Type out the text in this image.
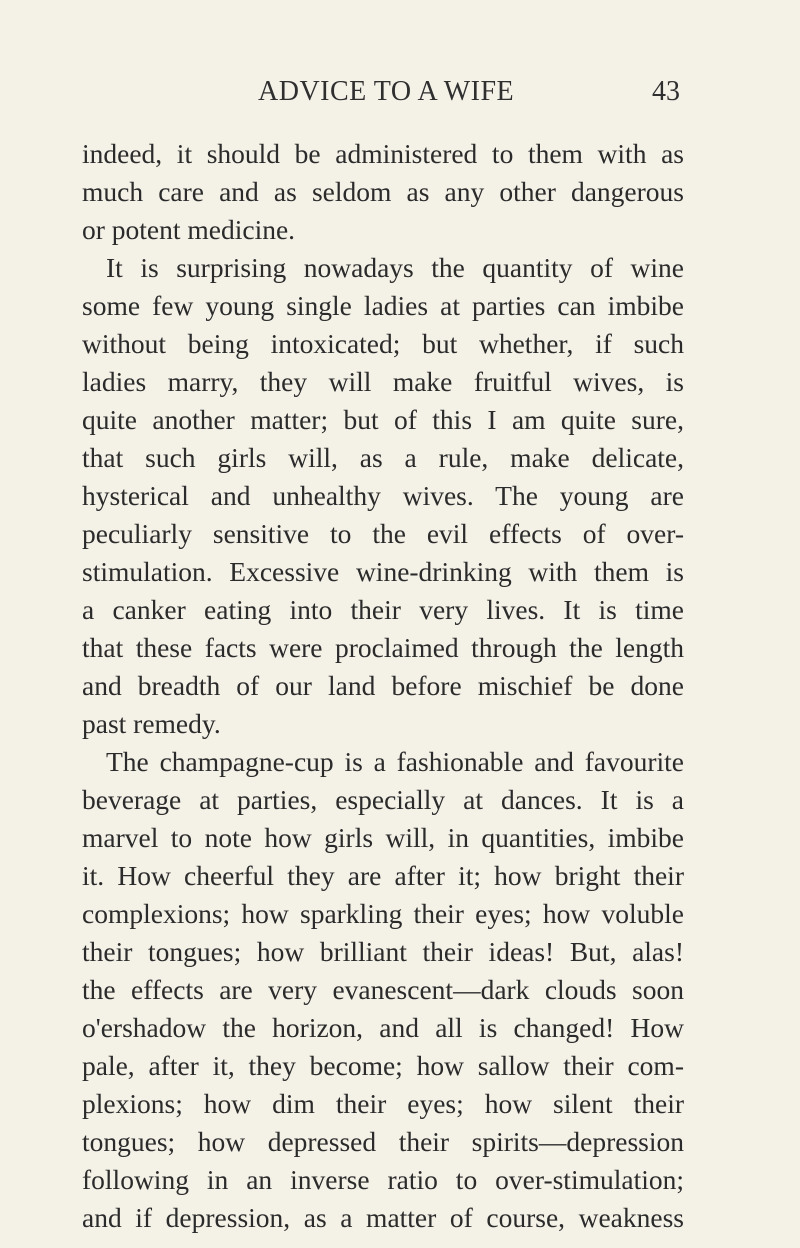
ADVICE TO A WIFE	43
indeed, it should be administered to them with as
much care and as seldom as any other dangerous
or potent medicine.
It is surprising nowadays the quantity of wine
some few young single ladies at parties can imbibe
without being intoxicated; but whether, if such
ladies marry, they will make fruitful wives, is
quite another matter; but of this I am quite sure,
that such girls will, as a rule, make delicate,
hysterical and unhealthy wives. The young are
peculiarly sensitive to the evil effects of over-
stimulation. Excessive wine-drinking with them is
a canker eating into their very lives. It is time
that these facts were proclaimed through the length
and breadth of our land before mischief be done
past remedy.
The champagne-cup is a fashionable and favourite
beverage at parties, especially at dances. It is a
marvel to note how girls will, in quantities, imbibe
it. How cheerful they are after it; how bright their
complexions; how sparkling their eyes; how voluble
their tongues; how brilliant their ideas! But, alas!
the effects are very evanescent—dark clouds soon
o'ershadow the horizon, and all is changed! How
pale, after it, they become; how sallow their com-
plexions; how dim their eyes; how silent their
tongues; how depressed their spirits—depression
following in an inverse ratio to over-stimulation;
and if depression, as a matter of course, weakness
